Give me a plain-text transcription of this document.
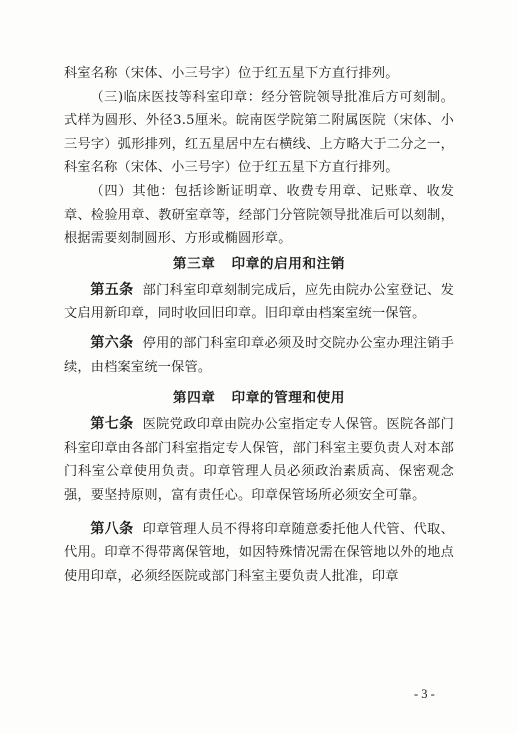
科室名称（宋体、小三号字）位于红五星下方直行排列。

（三)临床医技等科室印章：经分管院领导批准后方可刻制。式样为圆形、外径3.5厘米。皖南医学院第二附属医院（宋体、小三号字）弧形排列，红五星居中左右横线、上方略大于二分之一，科室名称（宋体、小三号字）位于红五星下方直行排列。

（四）其他：包括诊断证明章、收费专用章、记账章、收发章、检验用章、教研室章等，经部门分管院领导批准后可以刻制，根据需要刻制圆形、方形或椭圆形章。

第三章 印章的启用和注销

第五条 部门科室印章刻制完成后，应先由院办公室登记、发文启用新印章，同时收回旧印章。旧印章由档案室统一保管。

第六条 停用的部门科室印章必须及时交院办公室办理注销手续，由档案室统一保管。

第四章 印章的管理和使用

第七条 医院党政印章由院办公室指定专人保管。医院各部门科室印章由各部门科室指定专人保管，部门科室主要负责人对本部门科室公章使用负责。印章管理人员必须政治素质高、保密观念强，要坚持原则，富有责任心。印章保管场所必须安全可靠。

第八条 印章管理人员不得将印章随意委托他人代管、代取、代用。印章不得带离保管地，如因特殊情况需在保管地以外的地点使用印章，必须经医院或部门科室主要负责人批准，印章

- 3 -
